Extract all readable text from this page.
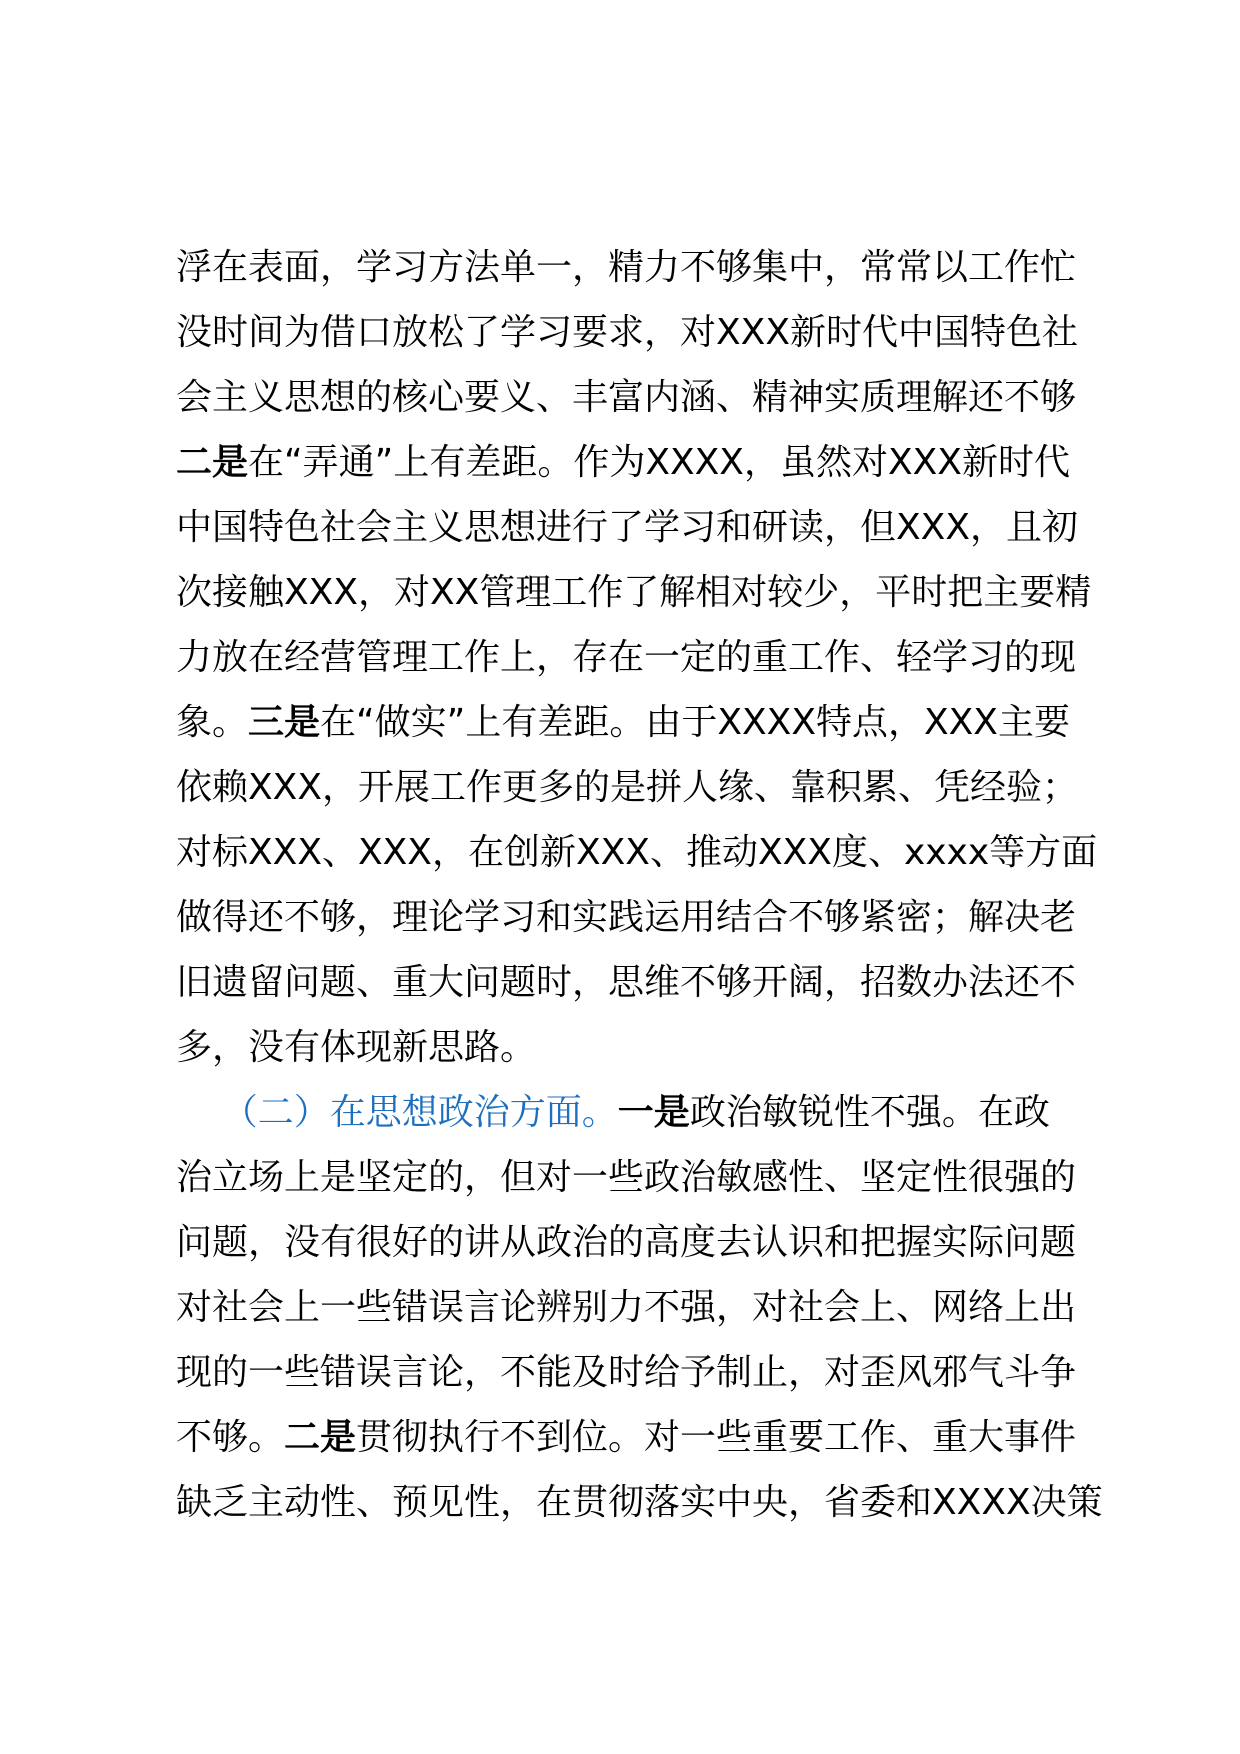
浮在表面，学习方法单一，精力不够集中，常常以工作忙
没时间为借口放松了学习要求，对XXX新时代中国特色社
会主义思想的核心要义、丰富内涵、精神实质理解还不够
二是在“弄通”上有差距。作为XXXX，虽然对XXX新时代
中国特色社会主义思想进行了学习和研读，但XXX，且初
次接触XXX，对XX管理工作了解相对较少，平时把主要精
力放在经营管理工作上，存在一定的重工作、轻学习的现
象。三是在“做实”上有差距。由于XXXX特点，XXX主要
依赖XXX，开展工作更多的是拼人缘、靠积累、凭经验；
对标XXX、XXX，在创新XXX、推动XXX度、xxxx等方面
做得还不够，理论学习和实践运用结合不够紧密；解决老
旧遗留问题、重大问题时，思维不够开阔，招数办法还不
多，没有体现新思路。
（二）在思想政治方面。一是政治敏锐性不强。在政
治立场上是坚定的，但对一些政治敏感性、坚定性很强的
问题，没有很好的讲从政治的高度去认识和把握实际问题
对社会上一些错误言论辨别力不强，对社会上、网络上出
现的一些错误言论，不能及时给予制止，对歪风邪气斗争
不够。二是贯彻执行不到位。对一些重要工作、重大事件
缺乏主动性、预见性，在贯彻落实中央，省委和XXXX决策
